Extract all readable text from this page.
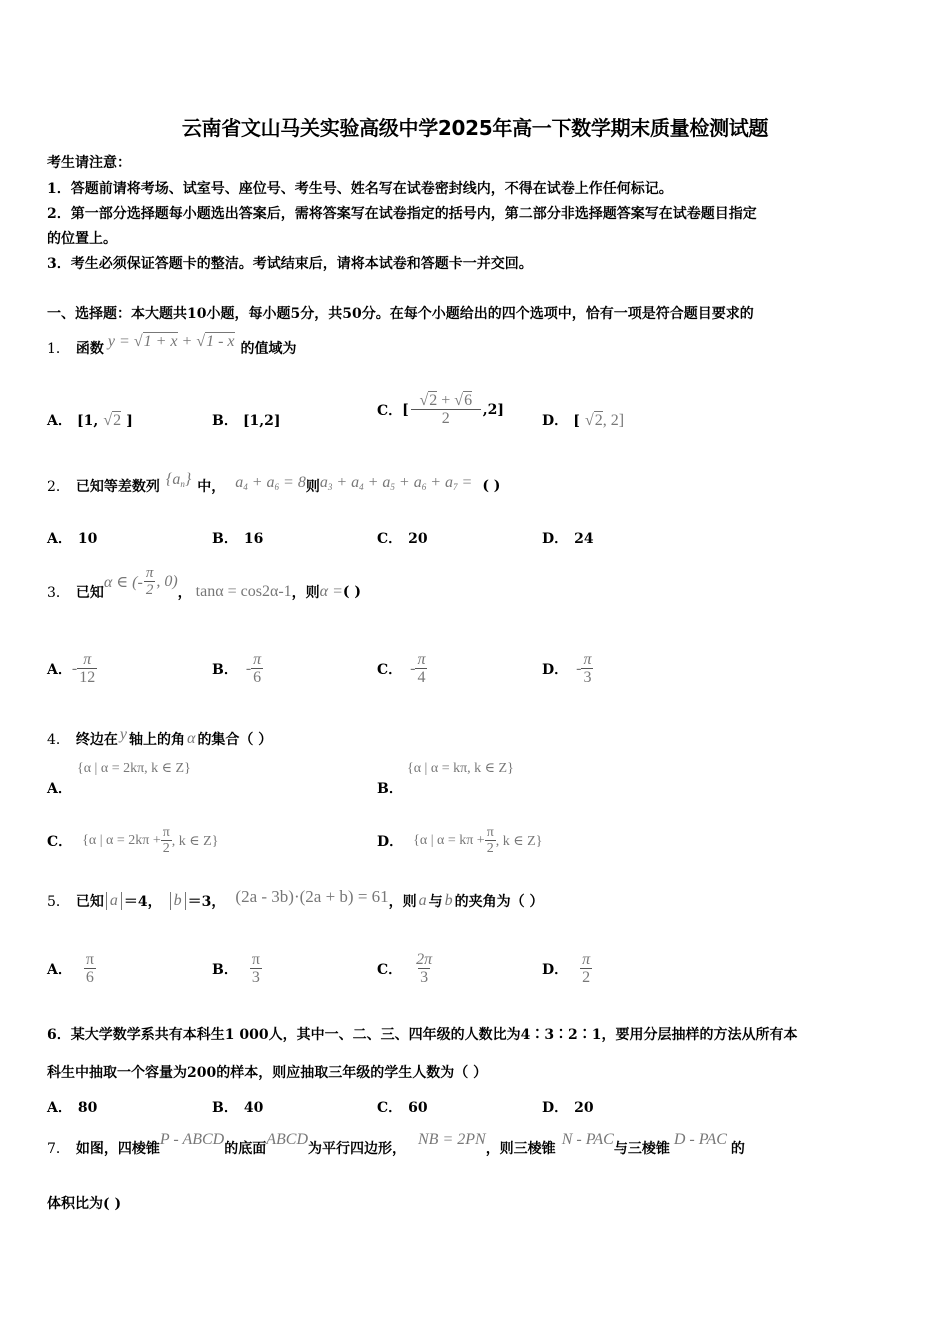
云南省文山马关实验高级中学2025年高一下数学期末质量检测试题
考生请注意：
1．答题前请将考场、试室号、座位号、考生号、姓名写在试卷密封线内，不得在试卷上作任何标记。
2．第一部分选择题每小题选出答案后，需将答案写在试卷指定的括号内，第二部分非选择题答案写在试卷题目指定
的位置上。
3．考生必须保证答题卡的整洁。考试结束后，请将本试卷和答题卡一并交回。
一、选择题：本大题共10小题，每小题5分，共50分。在每个小题给出的四个选项中，恰有一项是符合题目要求的
1． 函数 y = √1 + x + √1 - x 的值域为
A． [1, √2 ]	B． [1,2]
C． [ $\frac{√2 + √6}{2} ,2$]
D． [ √2, 2]
2． 已知等差数列 $\{a_n\}$ 中， $a_4 + a_6 = 8$ 则 $a_3 + a_4 + a_5 + a_6 + a_7$ = ( )
A． 10	B． 16	C． 20	D． 24
3． 已知
α ∈ (- $\frac{\pi}{2}$ , 0)
， tanα = cos2α-1 ，则 α = ( )
A． - $\frac{\pi}{12}$	B． - $\frac{\pi}{6}$	C． - $\frac{\pi}{4}$	D． - $\frac{\pi}{3}$
4． 终边在 y 轴上的角 α 的集合（ ）
A．
{α | α = 2kπ, k ∈ Z}
B．
{α | α = kπ, k ∈ Z}
C． {α | $\alpha = 2k\pi + \frac{\pi}{2}$ , k ∈ Z}	D． {α | $\alpha = k\pi + \frac{\pi}{2}$ , k ∈ Z}
5． 已知 a ＝4， b ＝3， (2a - 3b)·(2a + b) = 61 ，则 a 与 b 的夹角为（ ）
A． $\frac{\pi}{6}$	B． $\frac{\pi}{3}$	C． $\frac{2\pi}{3}$	D． $\frac{\pi}{2}$
6．某大学数学系共有本科生1 000人，其中一、二、三、四年级的人数比为4∶3∶2∶1，要用分层抽样的方法从所有本
科生中抽取一个容量为200的样本，则应抽取三年级的学生人数为（ ）
A． 80	B． 40	C． 60	D． 20
7． 如图，四棱锥
P - ABCD
的底面
ABCD
为平行四边形，
NB = 2PN
，则三棱锥
N - PAC
与三棱锥
D - PAC
的
体积比为( )
